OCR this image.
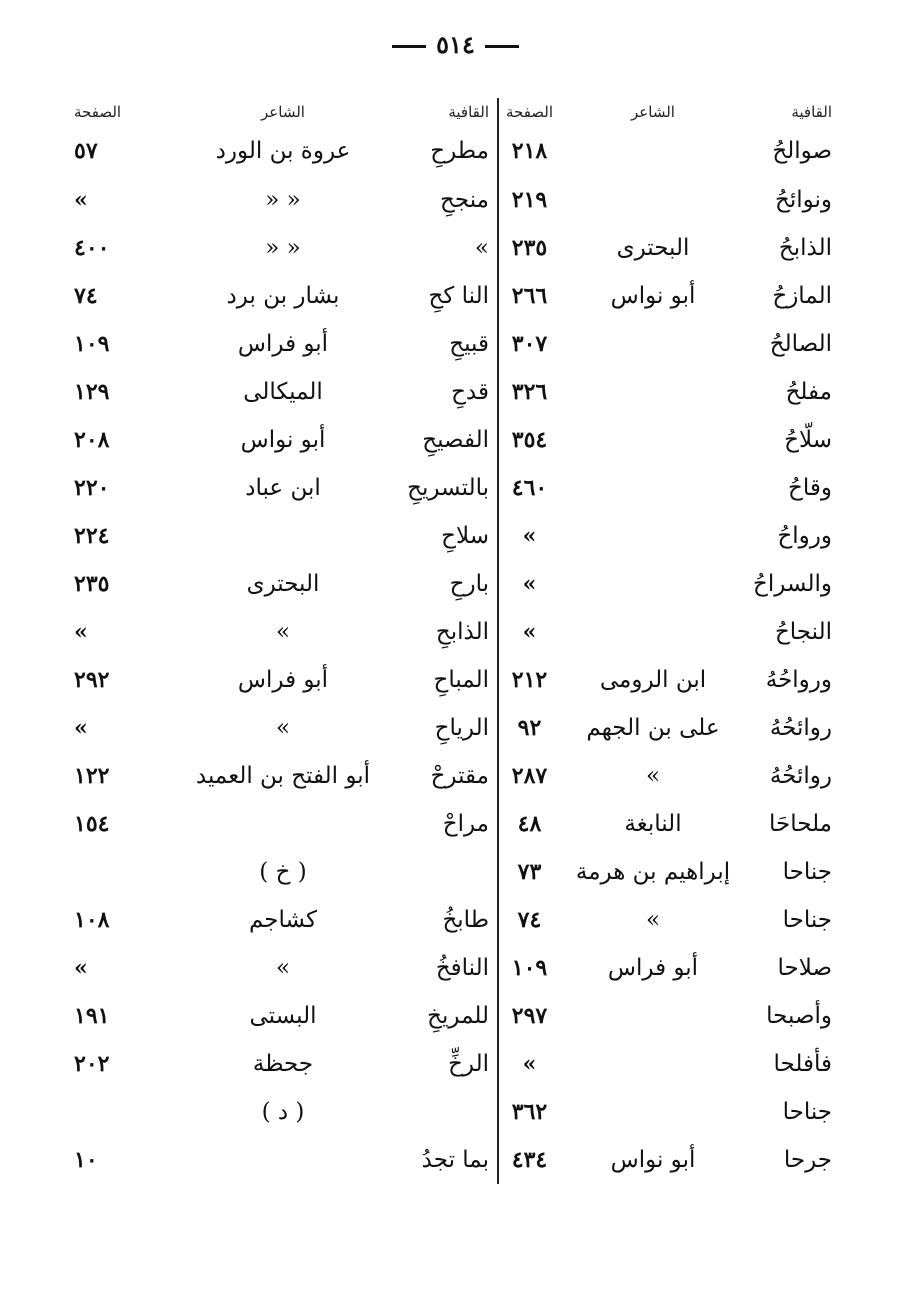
٥١٤
القافية	الشاعر	الصفحة	القافية	الشاعر	الصفحة
صوالحُ		٢١٨	مطرحِ	عروة بن الورد	٥٧
ونوائحُ		٢١٩	منجحِ	« «	»
الذابحُ	البحترى	٢٣٥	»	« «	٤٠٠
المازحُ	أبو نواس	٢٦٦	النا كحِ	بشار بن برد	٧٤
الصالحُ		٣٠٧	قبيحِ	أبو فراس	١٠٩
مفلحُ		٣٢٦	قدحِ	الميكالى	١٢٩
سلّاحُ		٣٥٤	الفصيحِ	أبو نواس	٢٠٨
وقاحُ		٤٦٠	بالتسريحِ	ابن عباد	٢٢٠
ورواحُ		»	سلاحِ		٢٢٤
والسراحُ		»	بارحِ	البحترى	٢٣٥
النجاحُ		»	الذابحِ	»	»
ورواحُهُ	ابن الرومى	٢١٢	المباحِ	أبو فراس	٢٩٢
روائحُهُ	على بن الجهم	٩٢	الرياحِ	»	»
روائحُهُ	»	٢٨٧	مقترحْ	أبو الفتح بن العميد	١٢٢
ملحاحَا	النابغة	٤٨	مراحْ		١٥٤
جناحا	إبراهيم بن هرمة	٧٣		( خ )	
جناحا	»	٧٤	طابخُ	كشاجم	١٠٨
صلاحا	أبو فراس	١٠٩	النافخُ	»	»
وأصبحا		٢٩٧	للمريخِ	البستى	١٩١
فأفلحا		»	الرخِّ	جحظة	٢٠٢
جناحا		٣٦٢		( د )	
جرحا	أبو نواس	٤٣٤	بما تجدُ		١٠
